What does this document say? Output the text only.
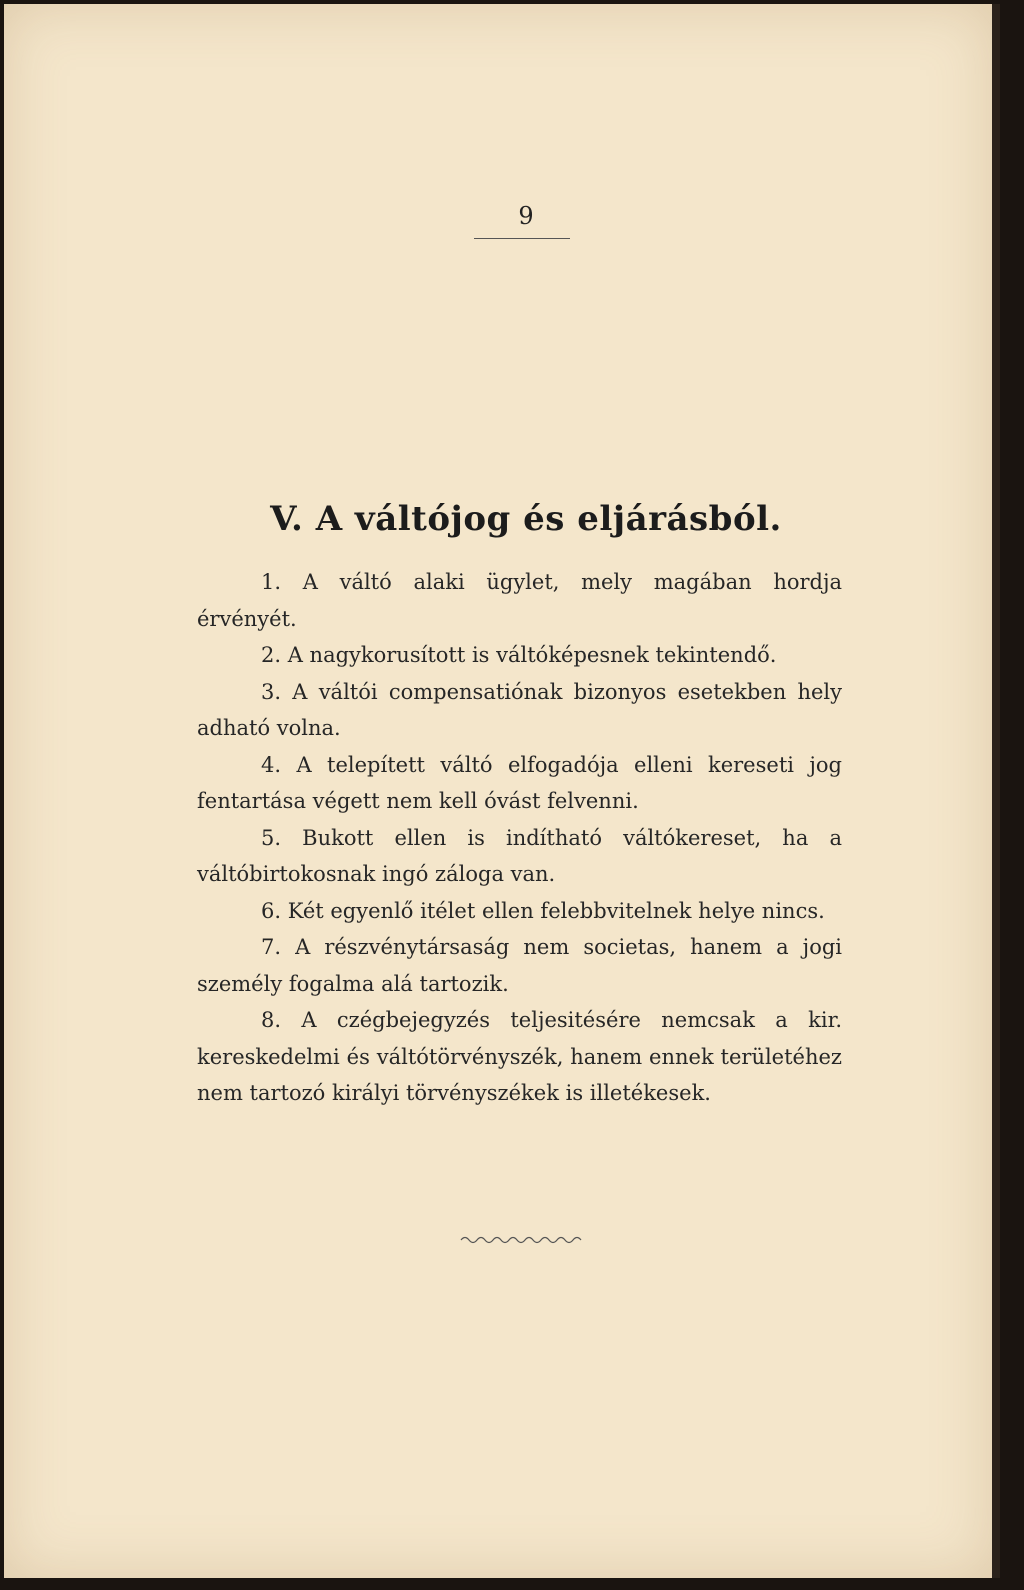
9
V. A váltójog és eljárásból.

1. A váltó alaki ügylet, mely magában hordja érvényét.

2. A nagykorusított is váltóképesnek tekintendő.

3. A váltói compensatiónak bizonyos esetekben hely adható volna.

4. A telepített váltó elfogadója elleni kereseti jog fentartása végett nem kell óvást felvenni.

5. Bukott ellen is indítható váltókereset, ha a váltóbirtokosnak ingó záloga van.

6. Két egyenlő itélet ellen felebbvitelnek helye nincs.

7. A részvénytársaság nem societas, hanem a jogi személy fogalma alá tartozik.

8. A czégbejegyzés teljesitésére nemcsak a kir. kereskedelmi és váltótörvényszék, hanem ennek területéhez nem tartozó királyi törvényszékek is illetékesek.
